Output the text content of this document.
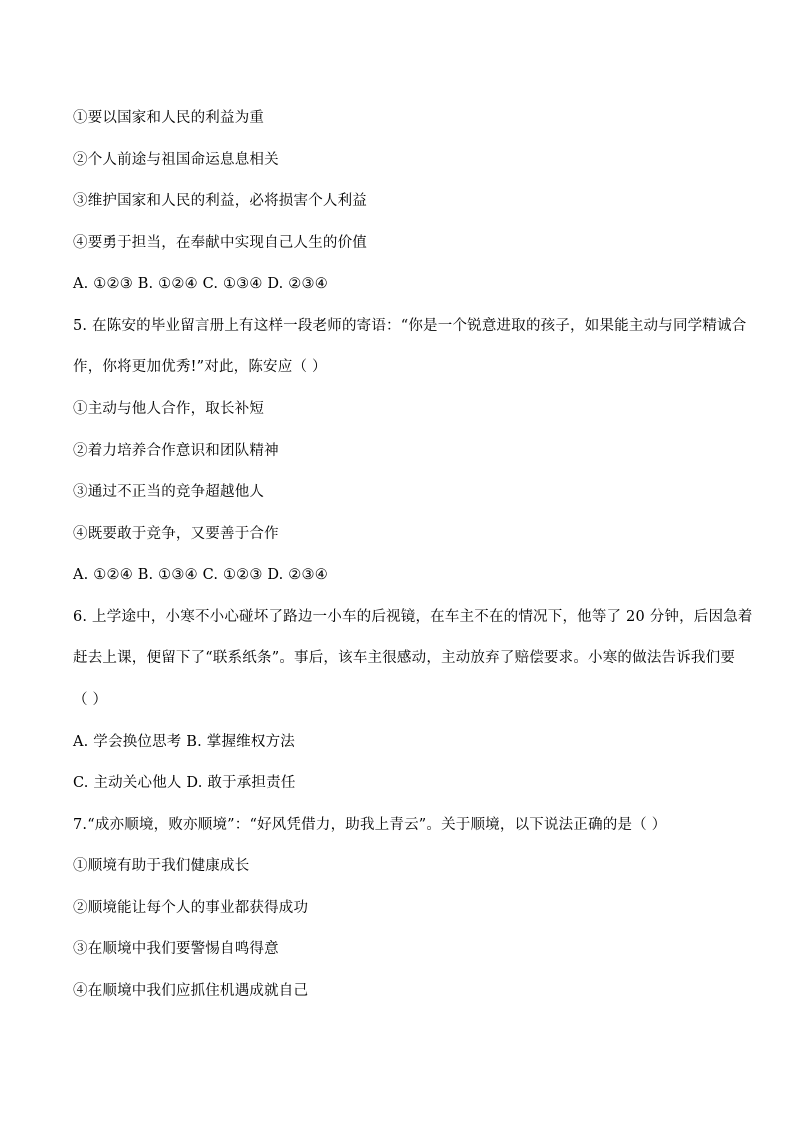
①要以国家和人民的利益为重
②个人前途与祖国命运息息相关
③维护国家和人民的利益，必将损害个人利益
④要勇于担当，在奉献中实现自己人生的价值
A. ①②③ B. ①②④ C. ①③④ D. ②③④
5. 在陈安的毕业留言册上有这样一段老师的寄语：“你是一个锐意进取的孩子，如果能主动与同学精诚合
作，你将更加优秀!”对此，陈安应（ ）
①主动与他人合作，取长补短
②着力培养合作意识和团队精神
③通过不正当的竞争超越他人
④既要敢于竞争，又要善于合作
A. ①②④ B. ①③④ C. ①②③ D. ②③④
6. 上学途中，小寒不小心碰坏了路边一小车的后视镜，在车主不在的情况下，他等了 20 分钟，后因急着
赶去上课，便留下了“联系纸条”。事后，该车主很感动，主动放弃了赔偿要求。小寒的做法告诉我们要
（ ）
A. 学会换位思考 B. 掌握维权方法
C. 主动关心他人 D. 敢于承担责任
7.“成亦顺境，败亦顺境”：“好风凭借力，助我上青云”。关于顺境，以下说法正确的是（ ）
①顺境有助于我们健康成长
②顺境能让每个人的事业都获得成功
③在顺境中我们要警惕自鸣得意
④在顺境中我们应抓住机遇成就自己
